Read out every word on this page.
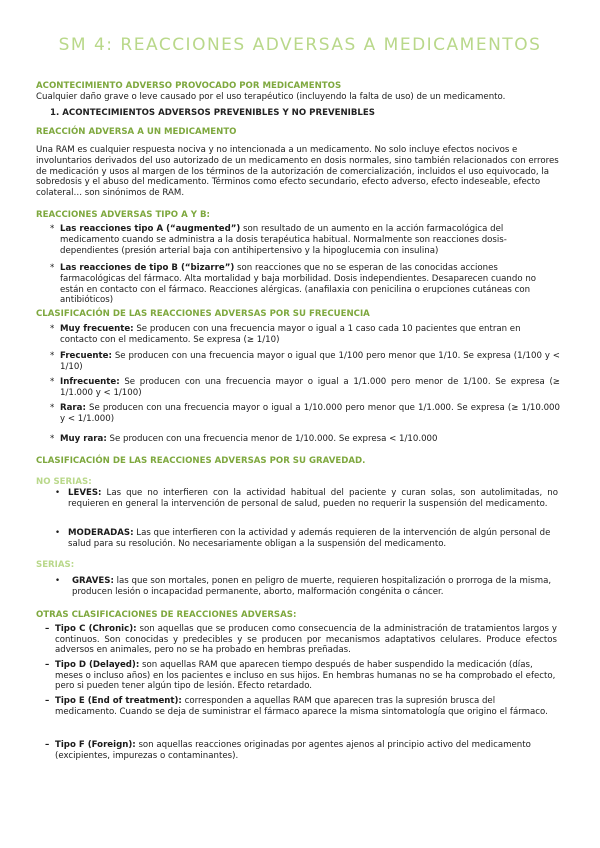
SM 4: REACCIONES ADVERSAS A MEDICAMENTOS
ACONTECIMIENTO ADVERSO PROVOCADO POR MEDICAMENTOS
Cualquier daño grave o leve causado por el uso terapéutico (incluyendo la falta de uso) de un medicamento.
1. ACONTECIMIENTOS ADVERSOS PREVENIBLES Y NO PREVENIBLES
REACCIÓN ADVERSA A UN MEDICAMENTO
Una RAM es cualquier respuesta nociva y no intencionada a un medicamento. No solo incluye efectos nocivos e involuntarios derivados del uso autorizado de un medicamento en dosis normales, sino también relacionados con errores de medicación y usos al margen de los términos de la autorización de comercialización, incluidos el uso equivocado, la sobredosis y el abuso del medicamento. Términos como efecto secundario, efecto adverso, efecto indeseable, efecto colateral… son sinónimos de RAM.
REACCIONES ADVERSAS TIPO A Y B:
* Las reacciones tipo A (“augmented”) son resultado de un aumento en la acción farmacológica del medicamento cuando se administra a la dosis terapéutica habitual. Normalmente son reacciones dosis-dependientes (presión arterial baja con antihipertensivo y la hipoglucemia con insulina)
* Las reacciones de tipo B (“bizarre”) son reacciones que no se esperan de las conocidas acciones farmacológicas del fármaco. Alta mortalidad y baja morbilidad. Dosis independientes. Desaparecen cuando no están en contacto con el fármaco. Reacciones alérgicas. (anafilaxia con penicilina o erupciones cutáneas con antibióticos)
CLASIFICACIÓN DE LAS REACCIONES ADVERSAS POR SU FRECUENCIA
* Muy frecuente: Se producen con una frecuencia mayor o igual a 1 caso cada 10 pacientes que entran en contacto con el medicamento. Se expresa (≥ 1/10)
* Frecuente: Se producen con una frecuencia mayor o igual que 1/100 pero menor que 1/10. Se expresa (1/100 y < 1/10)
* Infrecuente: Se producen con una frecuencia mayor o igual a 1/1.000 pero menor de 1/100. Se expresa (≥ 1/1.000 y < 1/100)
* Rara: Se producen con una frecuencia mayor o igual a 1/10.000 pero menor que 1/1.000. Se expresa (≥ 1/10.000 y < 1/1.000)
* Muy rara: Se producen con una frecuencia menor de 1/10.000. Se expresa < 1/10.000
CLASIFICACIÓN DE LAS REACCIONES ADVERSAS POR SU GRAVEDAD.
NO SERIAS:
• LEVES: Las que no interfieren con la actividad habitual del paciente y curan solas, son autolimitadas, no requieren en general la intervención de personal de salud, pueden no requerir la suspensión del medicamento.
• MODERADAS: Las que interfieren con la actividad y además requieren de la intervención de algún personal de salud para su resolución. No necesariamente obligan a la suspensión del medicamento.
SERIAS:
• GRAVES: las que son mortales, ponen en peligro de muerte, requieren hospitalización o prorroga de la misma, producen lesión o incapacidad permanente, aborto, malformación congénita o cáncer.
OTRAS CLASIFICACIONES DE REACCIONES ADVERSAS:
– Tipo C (Chronic): son aquellas que se producen como consecuencia de la administración de tratamientos largos y continuos. Son conocidas y predecibles y se producen por mecanismos adaptativos celulares. Produce efectos adversos en animales, pero no se ha probado en hembras preñadas.
– Tipo D (Delayed): son aquellas RAM que aparecen tiempo después de haber suspendido la medicación (días, meses o incluso años) en los pacientes e incluso en sus hijos. En hembras humanas no se ha comprobado el efecto, pero si pueden tener algún tipo de lesión. Efecto retardado.
– Tipo E (End of treatment): corresponden a aquellas RAM que aparecen tras la supresión brusca del medicamento. Cuando se deja de suministrar el fármaco aparece la misma sintomatología que origino el fármaco.
– Tipo F (Foreign): son aquellas reacciones originadas por agentes ajenos al principio activo del medicamento (excipientes, impurezas o contaminantes).
